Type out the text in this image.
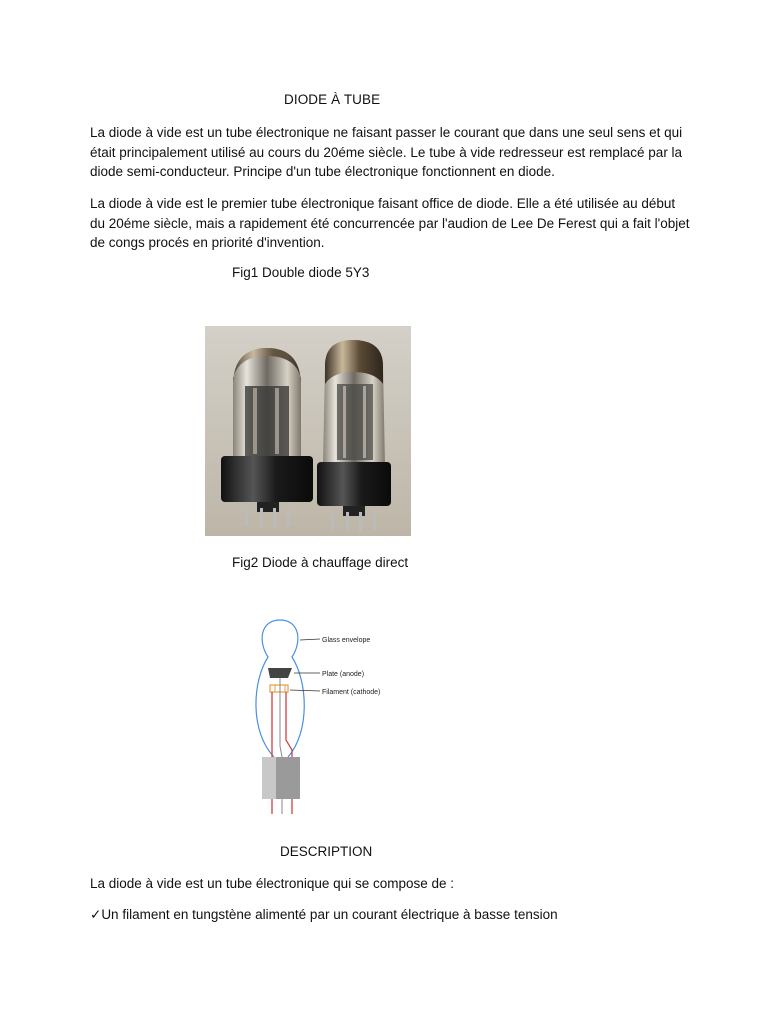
DIODE À TUBE

La diode à vide est un tube électronique ne faisant passer le courant que dans une seul sens et qui était principalement utilisé au cours du 20éme siècle. Le tube à vide redresseur est remplacé par la diode semi-conducteur. Principe d'un tube électronique fonctionnent en diode.

La diode à vide est le premier tube électronique faisant office de diode. Elle a été utilisée au début du 20éme siècle, mais a rapidement été concurrencée par l'audion de Lee De Ferest qui a fait l'objet de congs procés en priorité d'invention.

Fig1 Double diode 5Y3
Fig2 Diode à chauffage direct
Glass envelope
Plate (anode)
Filament (cathode)
DESCRIPTION
La diode à vide est un tube électronique qui se compose de :
✓Un filament en tungstène alimenté par un courant électrique à basse tension
